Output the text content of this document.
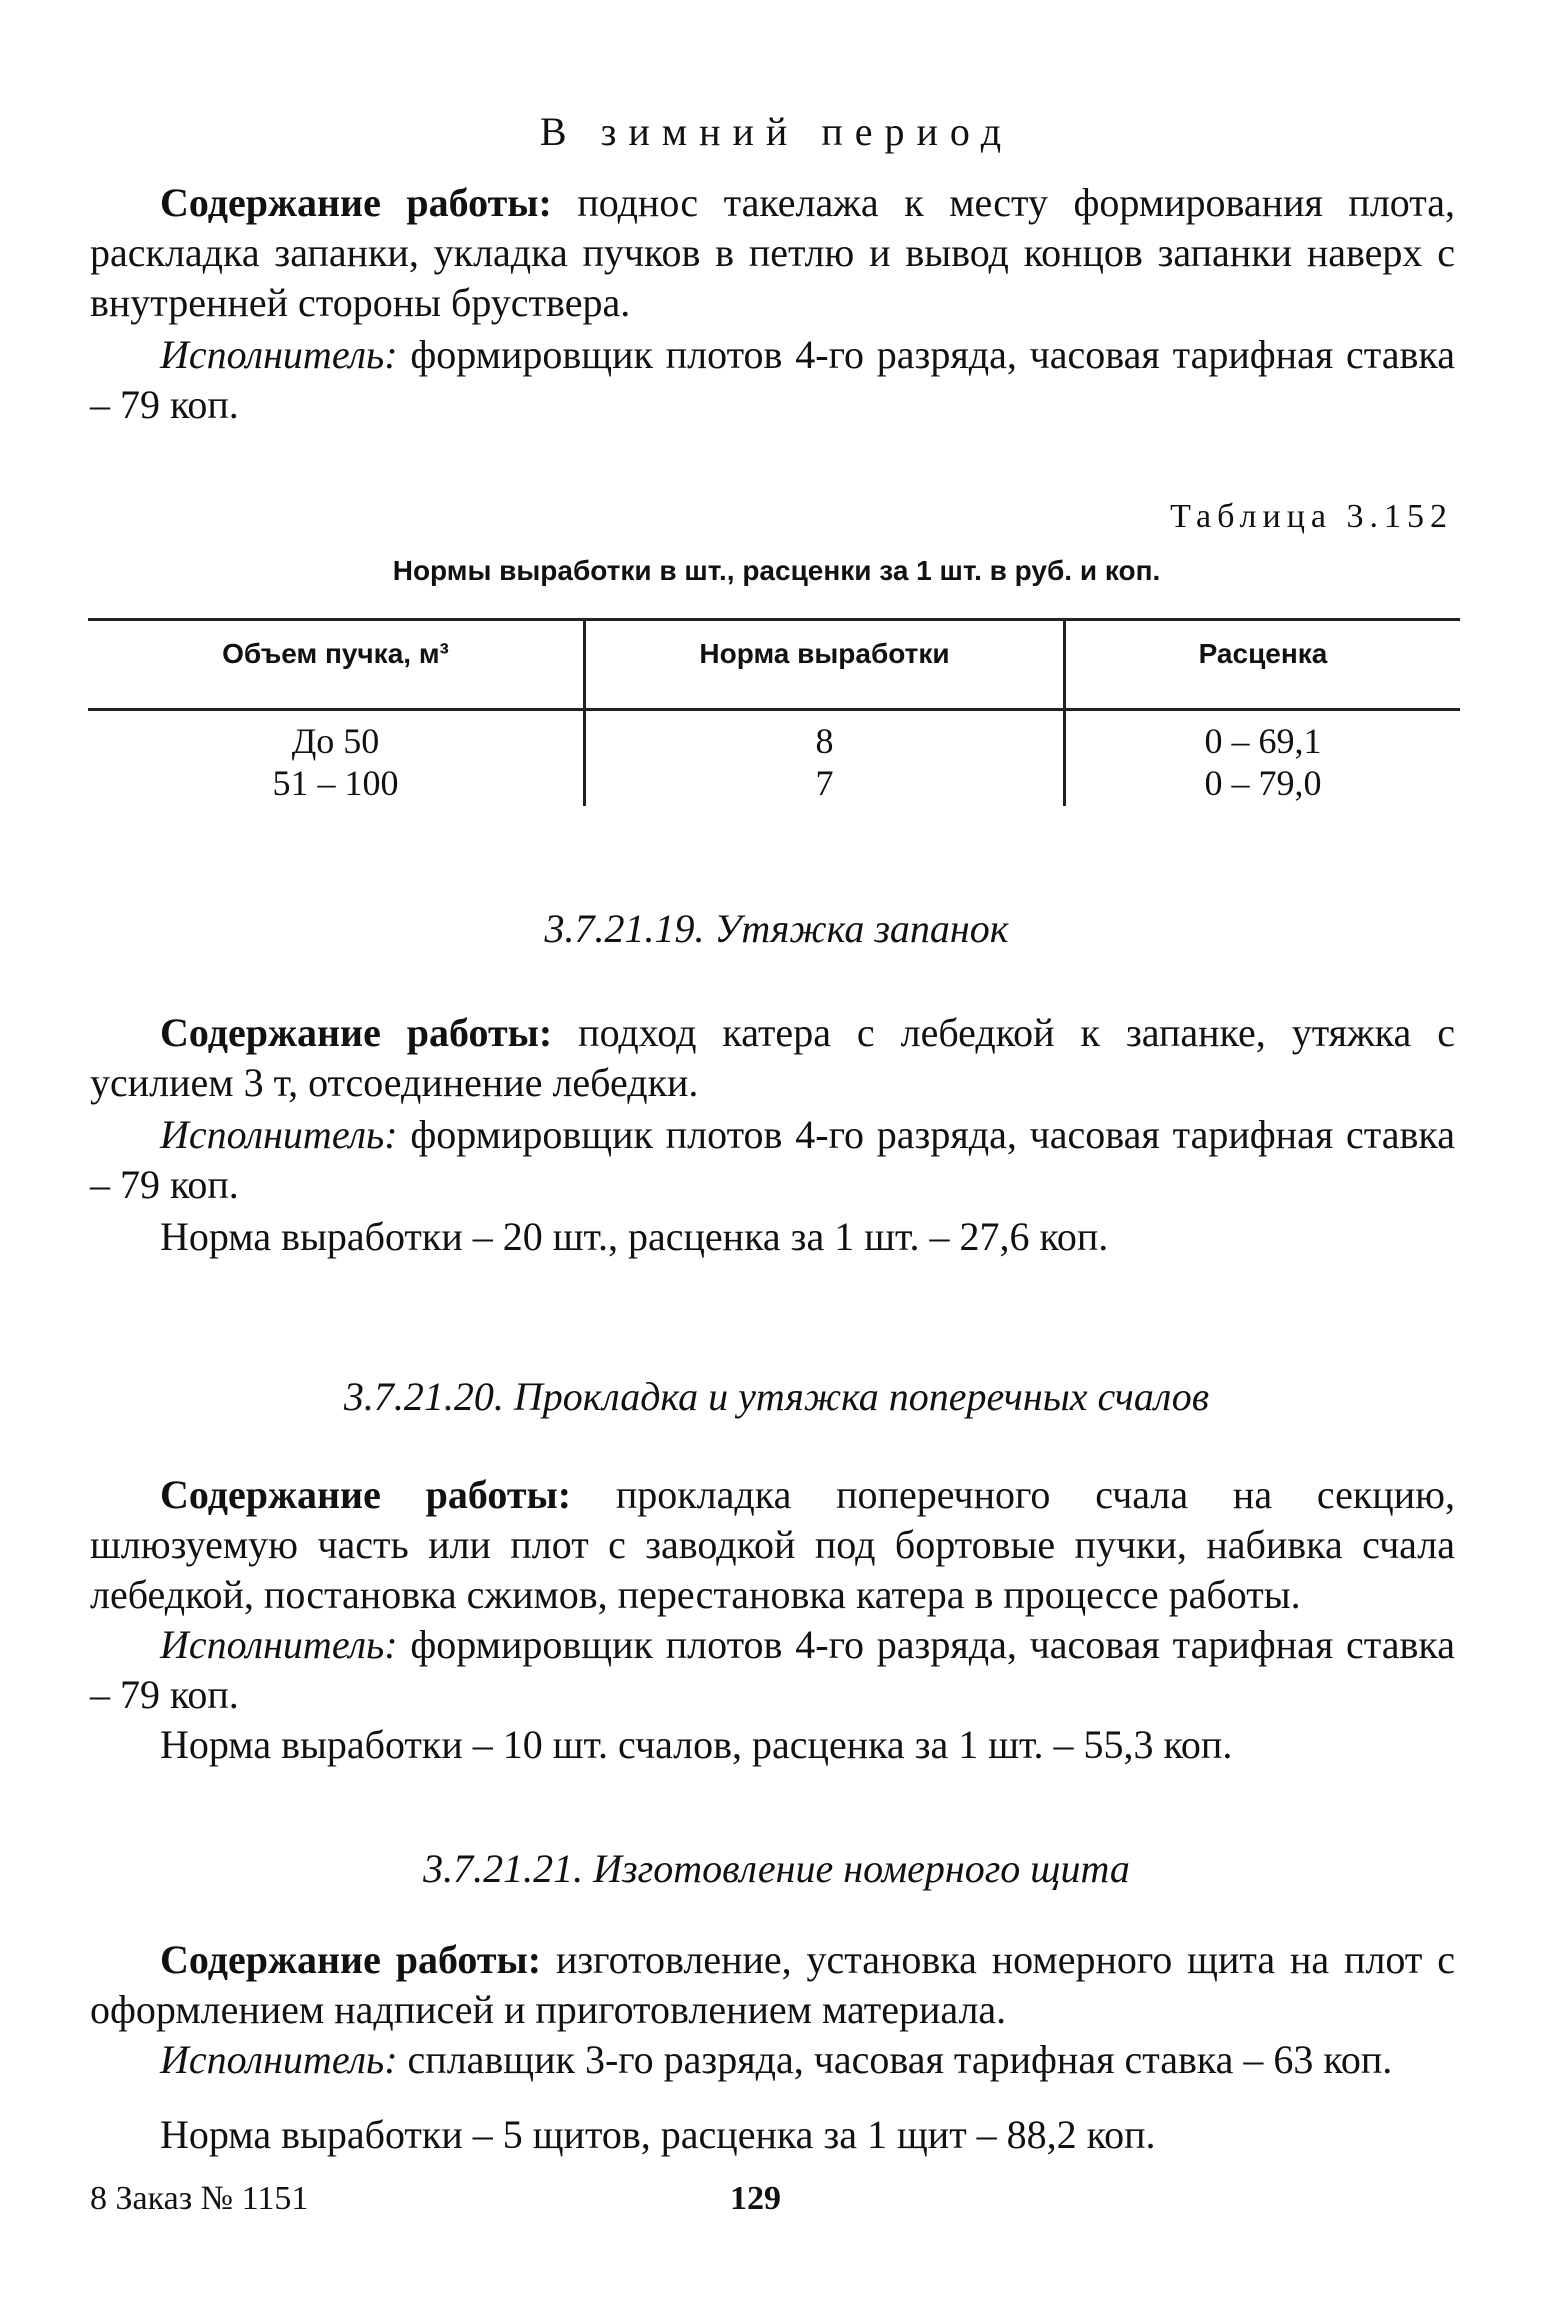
В зимний период

Содержание работы: поднос такелажа к месту формирования плота, раскладка запанки, укладка пучков в петлю и вывод концов запанки наверх с внутренней стороны бруствера.

Исполнитель: формировщик плотов 4-го разряда, часовая тарифная ставка – 79 коп.

Таблица 3.152
Нормы выработки в шт., расценки за 1 шт. в руб. и коп.
Объем пучка, м³	Норма выработки	Расценка
До 50	8	0 – 69,1
51 – 100	7	0 – 79,0
3.7.21.19. Утяжка запанок

Содержание работы: подход катера с лебедкой к запанке, утяжка с усилием 3 т, отсоединение лебедки.

Исполнитель: формировщик плотов 4-го разряда, часовая тарифная ставка – 79 коп.

Норма выработки – 20 шт., расценка за 1 шт. – 27,6 коп.

3.7.21.20. Прокладка и утяжка поперечных счалов

Содержание работы: прокладка поперечного счала на секцию, шлюзуемую часть или плот с заводкой под бортовые пучки, набивка счала лебедкой, постановка сжимов, перестановка катера в процессе работы.

Исполнитель: формировщик плотов 4-го разряда, часовая тарифная ставка – 79 коп.

Норма выработки – 10 шт. счалов, расценка за 1 шт. – 55,3 коп.

3.7.21.21. Изготовление номерного щита

Содержание работы: изготовление, установка номерного щита на плот с оформлением надписей и приготовлением материала.

Исполнитель: сплавщик 3-го разряда, часовая тарифная ставка – 63 коп.

Норма выработки – 5 щитов, расценка за 1 щит – 88,2 коп.

8 Заказ № 1151	129
